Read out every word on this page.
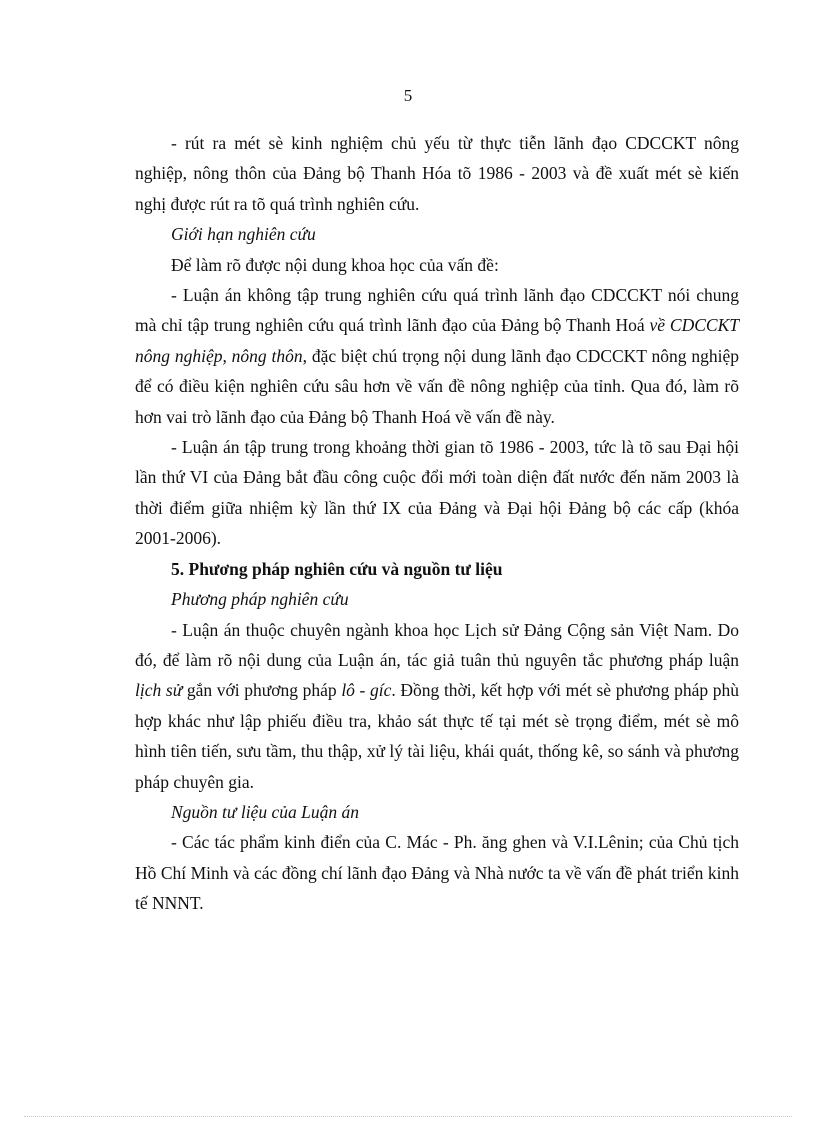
5

- rút ra mét sè kinh nghiệm chủ yếu từ thực tiễn lãnh đạo CDCCKT nông nghiệp, nông thôn của Đảng bộ Thanh Hóa tõ 1986 - 2003 và đề xuất mét sè kiến nghị được rút ra tõ quá trình nghiên cứu.

Giới hạn nghiên cứu

Để làm rõ được nội dung khoa học của vấn đề:

- Luận án không tập trung nghiên cứu quá trình lãnh đạo CDCCKT nói chung mà chỉ tập trung nghiên cứu quá trình lãnh đạo của Đảng bộ Thanh Hoá về CDCCKT nông nghiệp, nông thôn, đặc biệt chú trọng nội dung lãnh đạo CDCCKT nông nghiệp để có điều kiện nghiên cứu sâu hơn về vấn đề nông nghiệp của tỉnh. Qua đó, làm rõ hơn vai trò lãnh đạo của Đảng bộ Thanh Hoá về vấn đề này.

- Luận án tập trung trong khoảng thời gian tõ 1986 - 2003, tức là tõ sau Đại hội lần thứ VI của Đảng bắt đầu công cuộc đổi mới toàn diện đất nước đến năm 2003 là thời điểm giữa nhiệm kỳ lần thứ IX của Đảng và Đại hội Đảng bộ các cấp (khóa 2001-2006).

5. Phương pháp nghiên cứu và nguồn tư liệu

Phương pháp nghiên cứu

- Luận án thuộc chuyên ngành khoa học Lịch sử Đảng Cộng sản Việt Nam. Do đó, để làm rõ nội dung của Luận án, tác giả tuân thủ nguyên tắc phương pháp luận lịch sử gắn với phương pháp lô - gíc. Đồng thời, kết hợp với mét sè phương pháp phù hợp khác như lập phiếu điều tra, khảo sát thực tế tại mét sè trọng điểm, mét sè mô hình tiên tiến, sưu tầm, thu thập, xử lý tài liệu, khái quát, thống kê, so sánh và phương pháp chuyên gia.

Nguồn tư liệu của Luận án

- Các tác phẩm kinh điển của C. Mác - Ph. ăng ghen và V.I.Lênin; của Chủ tịch Hồ Chí Minh và các đồng chí lãnh đạo Đảng và Nhà nước ta về vấn đề phát triển kinh tế NNNT.
